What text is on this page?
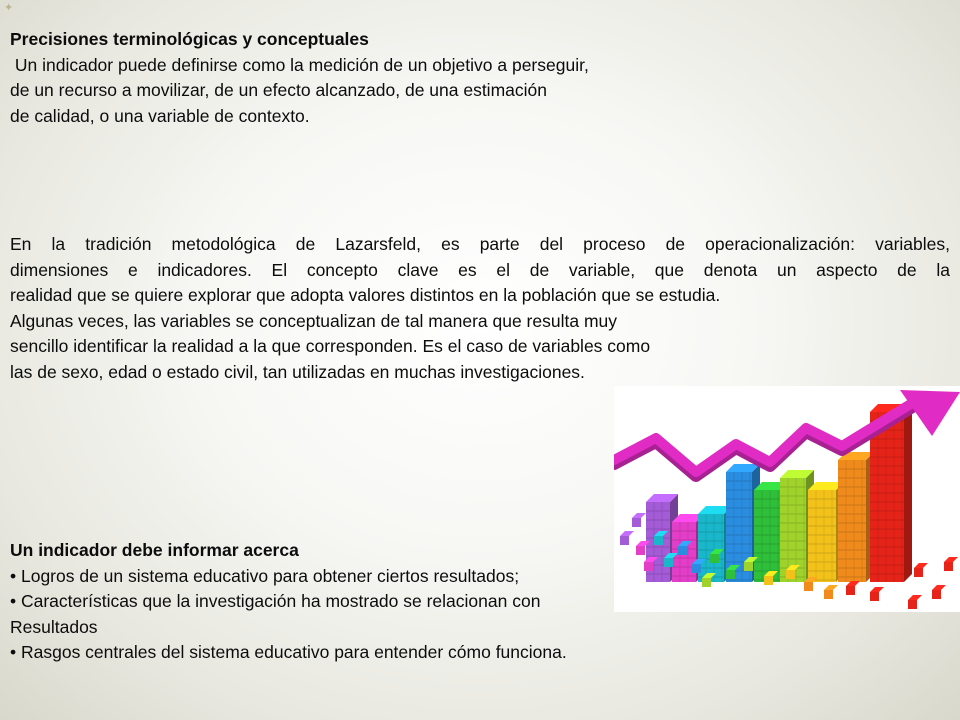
✦
Precisiones terminológicas y conceptuales
Un indicador puede definirse como la medición de un objetivo a perseguir,
de un recurso a movilizar, de un efecto alcanzado, de una estimación
de calidad, o una variable de contexto.
En la tradición metodológica de Lazarsfeld, es parte del proceso de operacionalización: variables,
dimensiones e indicadores. El concepto clave es el de variable, que denota un aspecto de la
realidad que se quiere explorar que adopta valores distintos en la población que se estudia.
Algunas veces, las variables se conceptualizan de tal manera que resulta muy
sencillo identificar la realidad a la que corresponden. Es el caso de variables como
las de sexo, edad o estado civil, tan utilizadas en muchas investigaciones.
Un indicador debe informar acerca
• Logros de un sistema educativo para obtener ciertos resultados;
• Características que la investigación ha mostrado se relacionan con
Resultados
• Rasgos centrales del sistema educativo para entender cómo funciona.
